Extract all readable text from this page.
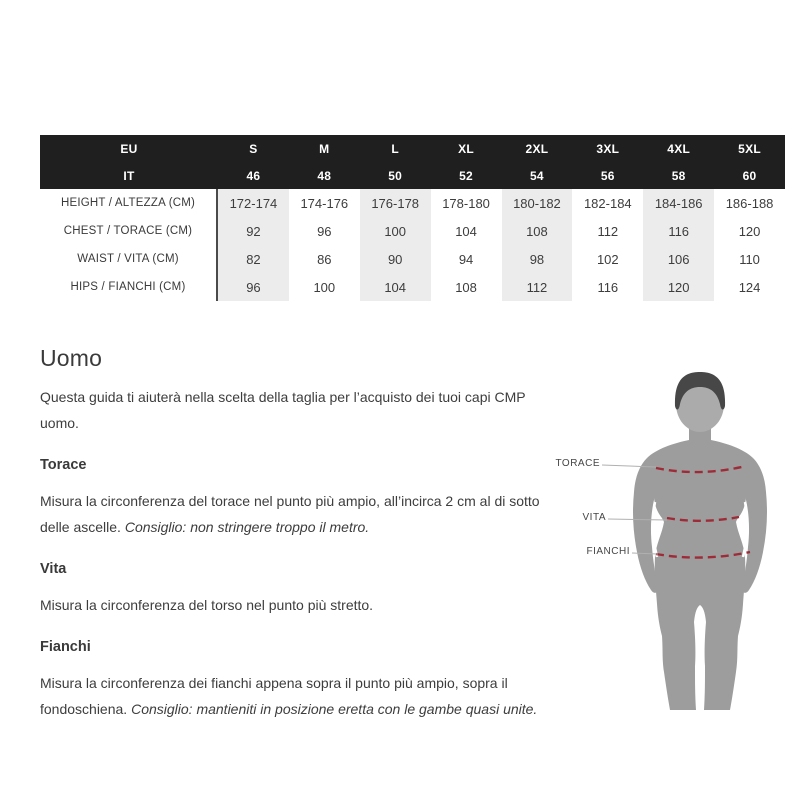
EU	S	M	L	XL	2XL	3XL	4XL	5XL
IT	46	48	50	52	54	56	58	60
HEIGHT / ALTEZZA (CM)	172-174	174-176	176-178	178-180	180-182	182-184	184-186	186-188
CHEST / TORACE (CM)	92	96	100	104	108	112	116	120
WAIST / VITA (CM)	82	86	90	94	98	102	106	110
HIPS / FIANCHI (CM)	96	100	104	108	112	116	120	124
Uomo

Questa guida ti aiuterà nella scelta della taglia per l’acquisto dei tuoi capi CMP uomo.

Torace

Misura la circonferenza del torace nel punto più ampio, all’incirca 2 cm al di sotto delle ascelle. Consiglio: non stringere troppo il metro.

Vita

Misura la circonferenza del torso nel punto più stretto.

Fianchi

Misura la circonferenza dei fianchi appena sopra il punto più ampio, sopra il fondoschiena. Consiglio: mantieniti in posizione eretta con le gambe quasi unite.

TORACE
VITA
FIANCHI
